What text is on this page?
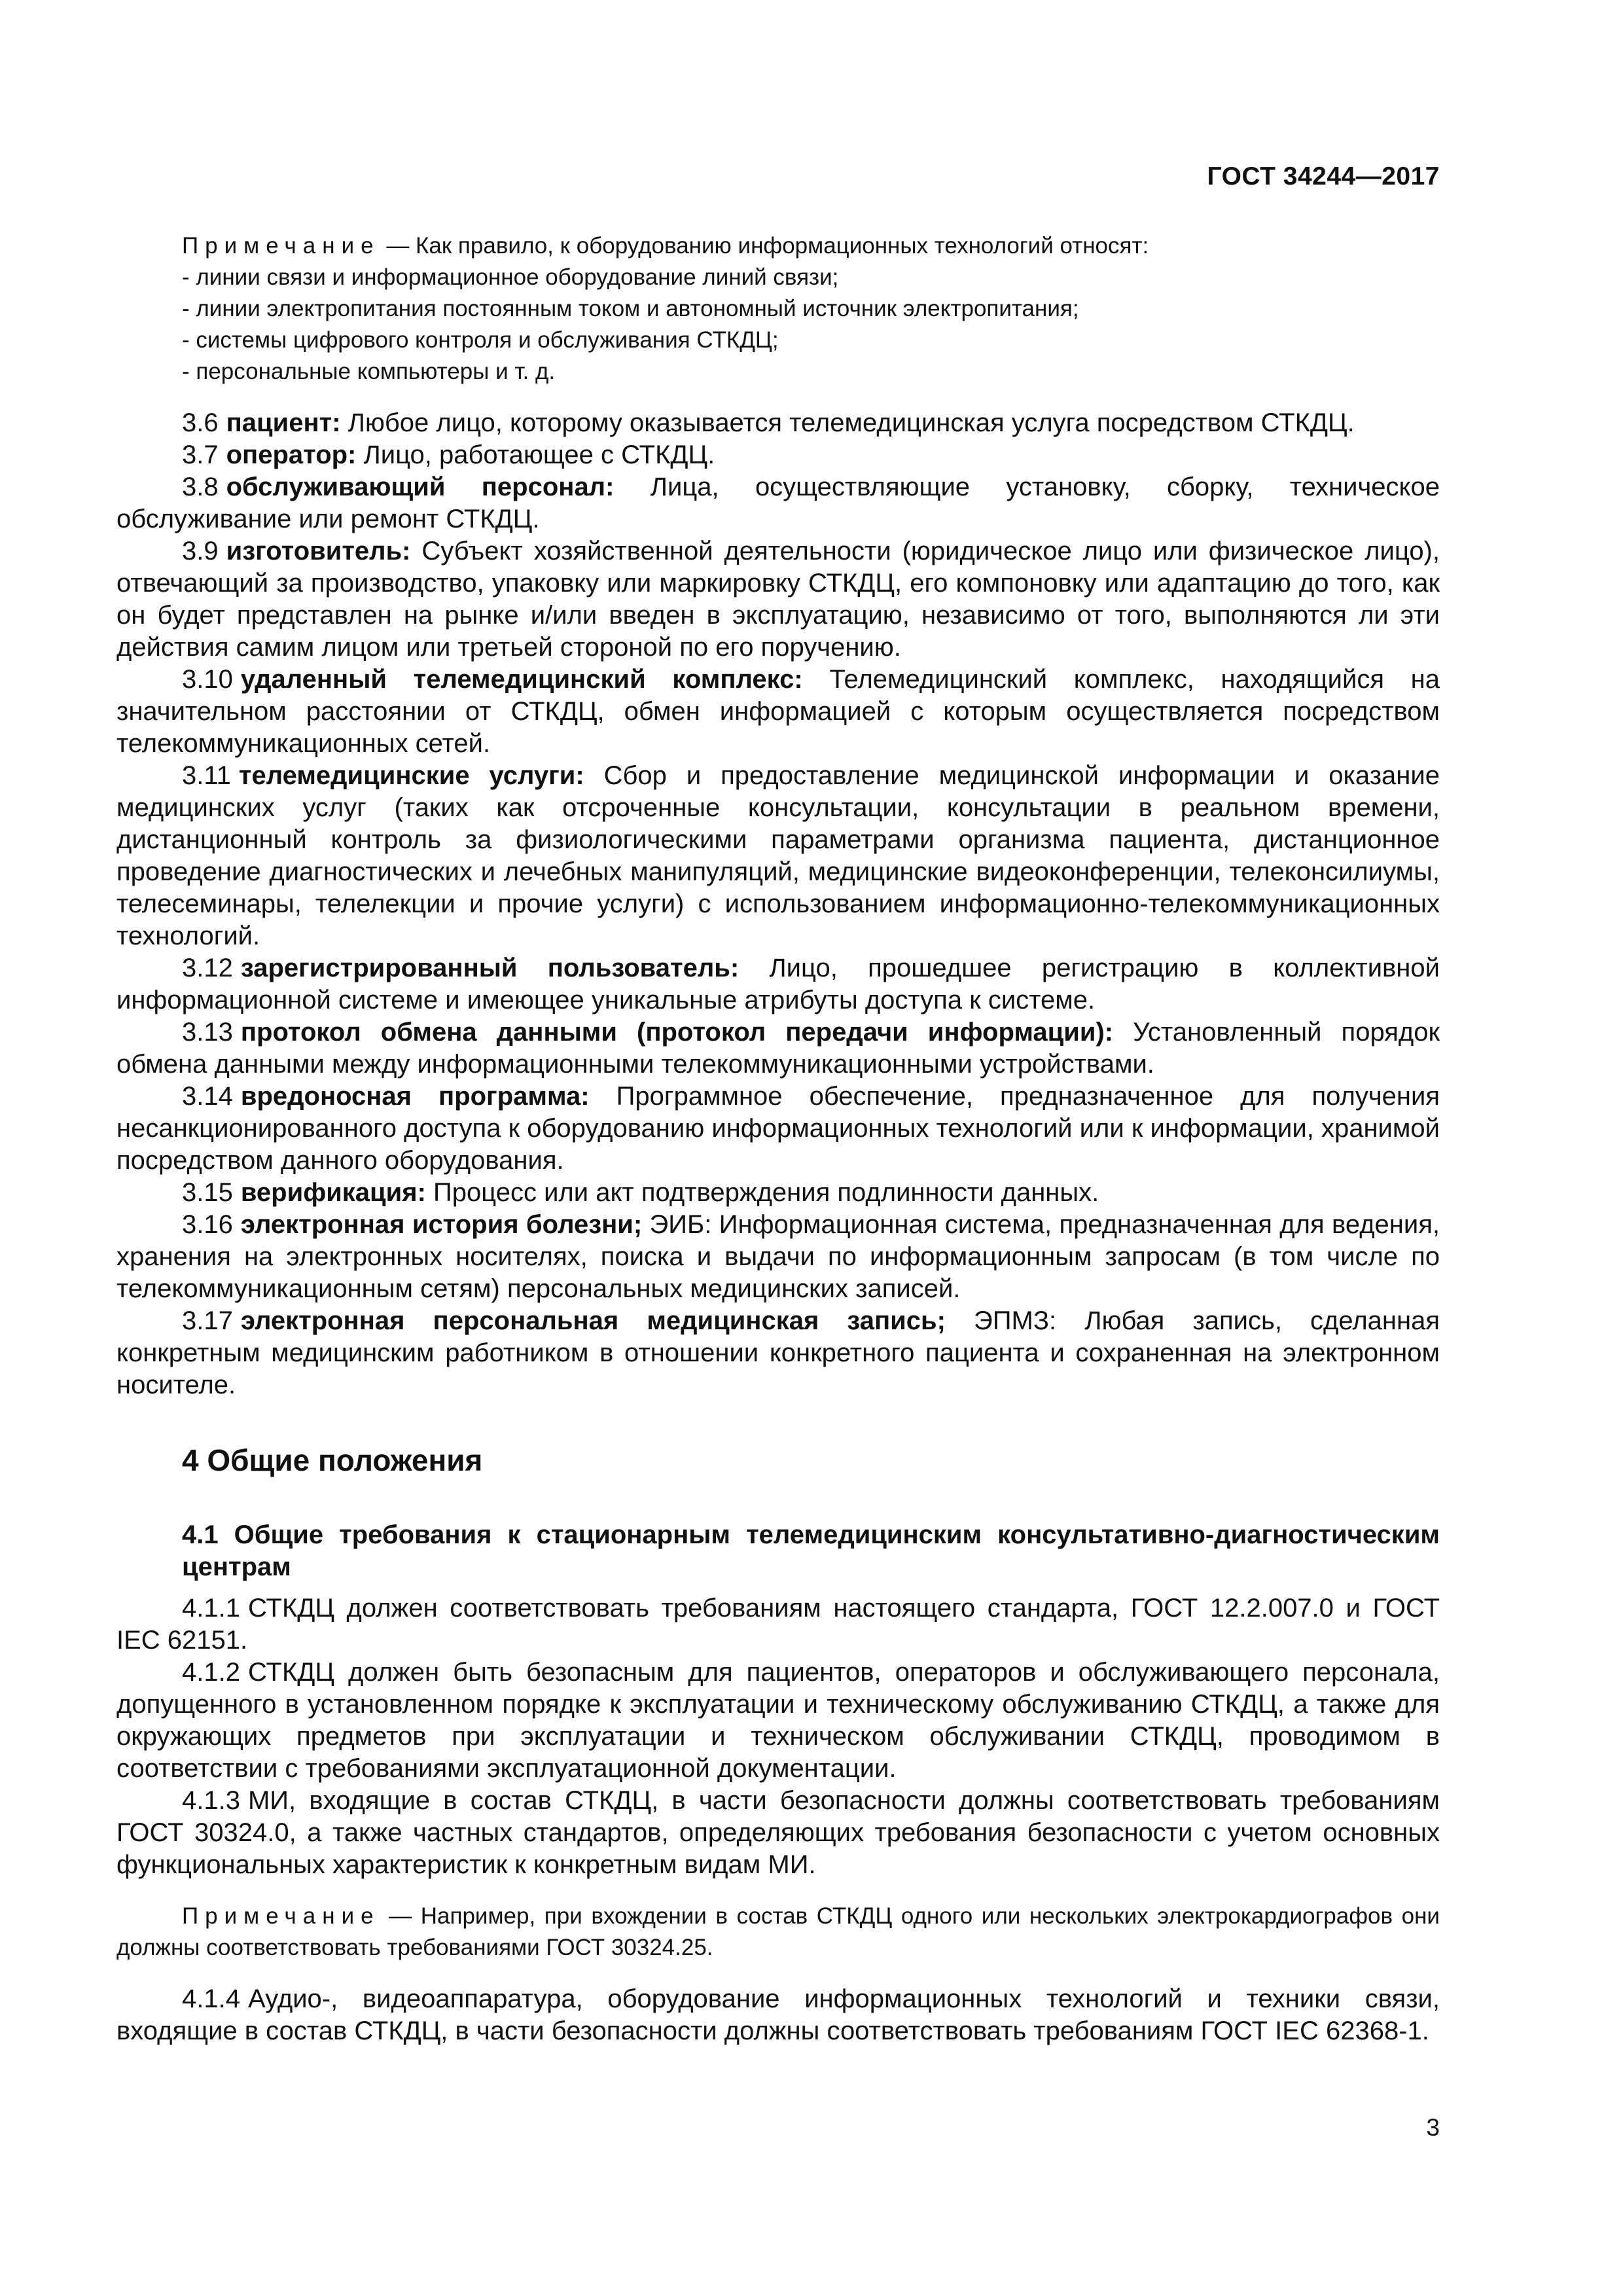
ГОСТ 34244—2017

Примечание — Как правило, к оборудованию информационных технологий относят:

- линии связи и информационное оборудование линий связи;
- линии электропитания постоянным током и автономный источник электропитания;
- системы цифрового контроля и обслуживания СТКДЦ;
- персональные компьютеры и т. д.

3.6 пациент: Любое лицо, которому оказывается телемедицинская услуга посредством СТКДЦ.

3.7 оператор: Лицо, работающее с СТКДЦ.

3.8 обслуживающий персонал: Лица, осуществляющие установку, сборку, техническое обслуживание или ремонт СТКДЦ.

3.9 изготовитель: Субъект хозяйственной деятельности (юридическое лицо или физическое лицо), отвечающий за производство, упаковку или маркировку СТКДЦ, его компоновку или адаптацию до того, как он будет представлен на рынке и/или введен в эксплуатацию, независимо от того, выполняются ли эти действия самим лицом или третьей стороной по его поручению.

3.10 удаленный телемедицинский комплекс: Телемедицинский комплекс, находящийся на значительном расстоянии от СТКДЦ, обмен информацией с которым осуществляется посредством телекоммуникационных сетей.

3.11 телемедицинские услуги: Сбор и предоставление медицинской информации и оказание медицинских услуг (таких как отсроченные консультации, консультации в реальном времени, дистанционный контроль за физиологическими параметрами организма пациента, дистанционное проведение диагностических и лечебных манипуляций, медицинские видеоконференции, телеконсилиумы, телесеминары, телелекции и прочие услуги) с использованием информационно-телекоммуникационных технологий.

3.12 зарегистрированный пользователь: Лицо, прошедшее регистрацию в коллективной информационной системе и имеющее уникальные атрибуты доступа к системе.

3.13 протокол обмена данными (протокол передачи информации): Установленный порядок обмена данными между информационными телекоммуникационными устройствами.

3.14 вредоносная программа: Программное обеспечение, предназначенное для получения несанкционированного доступа к оборудованию информационных технологий или к информации, хранимой посредством данного оборудования.

3.15 верификация: Процесс или акт подтверждения подлинности данных.

3.16 электронная история болезни; ЭИБ: Информационная система, предназначенная для ведения, хранения на электронных носителях, поиска и выдачи по информационным запросам (в том числе по телекоммуникационным сетям) персональных медицинских записей.

3.17 электронная персональная медицинская запись; ЭПМЗ: Любая запись, сделанная конкретным медицинским работником в отношении конкретного пациента и сохраненная на электронном носителе.

4 Общие положения
4.1 Общие требования к стационарным телемедицинским консультативно-диагностическим центрам

4.1.1 СТКДЦ должен соответствовать требованиям настоящего стандарта, ГОСТ 12.2.007.0 и ГОСТ IEC 62151.

4.1.2 СТКДЦ должен быть безопасным для пациентов, операторов и обслуживающего персонала, допущенного в установленном порядке к эксплуатации и техническому обслуживанию СТКДЦ, а также для окружающих предметов при эксплуатации и техническом обслуживании СТКДЦ, проводимом в соответствии с требованиями эксплуатационной документации.

4.1.3 МИ, входящие в состав СТКДЦ, в части безопасности должны соответствовать требованиям ГОСТ 30324.0, а также частных стандартов, определяющих требования безопасности с учетом основных функциональных характеристик к конкретным видам МИ.

Примечание — Например, при вхождении в состав СТКДЦ одного или нескольких электрокардиографов они должны соответствовать требованиями ГОСТ 30324.25.

4.1.4 Аудио-, видеоаппаратура, оборудование информационных технологий и техники связи, входящие в состав СТКДЦ, в части безопасности должны соответствовать требованиям ГОСТ IEC 62368-1.

3
